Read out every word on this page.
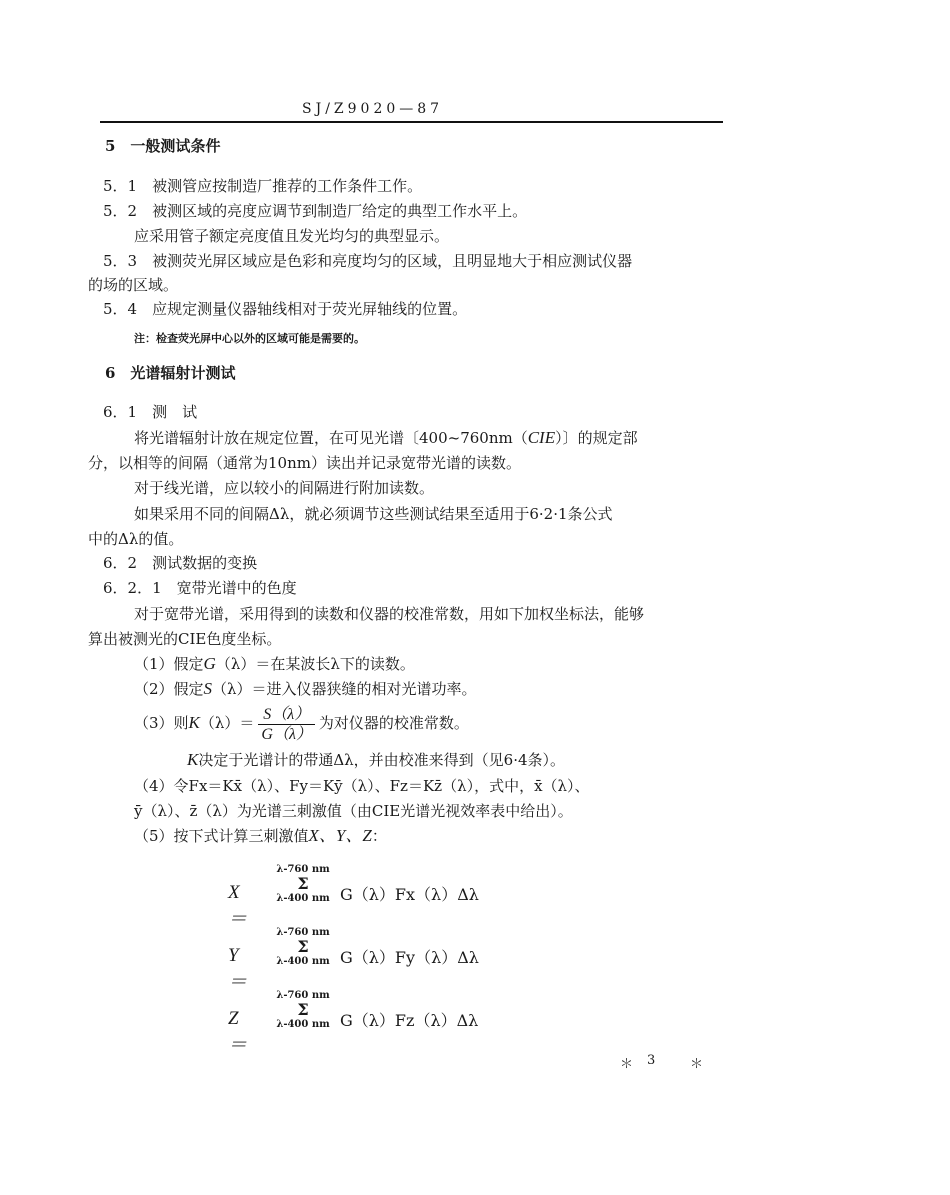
SJ/Z9020—87
5　一般测试条件
5．1　被测管应按制造厂推荐的工作条件工作。
5．2　被测区域的亮度应调节到制造厂给定的典型工作水平上。
应采用管子额定亮度值且发光均匀的典型显示。
5．3　被测荧光屏区域应是色彩和亮度均匀的区域，且明显地大于相应测试仪器
的场的区域。
5．4　应规定测量仪器轴线相对于荧光屏轴线的位置。
注：检查荧光屏中心以外的区域可能是需要的。
6　光谱辐射计测试
6．1　测　试
将光谱辐射计放在规定位置，在可见光谱〔400~760nm（CIE）〕的规定部
分，以相等的间隔（通常为10nm）读出并记录宽带光谱的读数。
对于线光谱，应以较小的间隔进行附加读数。
如果采用不同的间隔Δλ，就必须调节这些测试结果至适用于6·2·1条公式
中的Δλ的值。
6．2　测试数据的变换
6．2．1　宽带光谱中的色度
对于宽带光谱，采用得到的读数和仪器的校准常数，用如下加权坐标法，能够
算出被测光的CIE色度坐标。
（1）假定G（λ）＝在某波长λ下的读数。
（2）假定S（λ）＝进入仪器狭缝的相对光谱功率。
（3）则$K(\lambda)= \frac{S(\lambda)}{G(\lambda)}$ 为对仪器的校准常数。
K决定于光谱计的带通Δλ，并由校准来得到（见6·4条）。
（4）令Fx＝Kx̄（λ）、Fy＝Kȳ（λ）、Fz＝Kz̄（λ），式中，x̄（λ）、
ȳ（λ）、z̄（λ）为光谱三刺激值（由CIE光谱光视效率表中给出）。
（5）按下式计算三刺激值X、Y、Z：
X＝
λ-760 nm
Σ
λ-400 nm G（λ）Fx（λ）Δλ
Y＝
λ-760 nm
Σ
λ-400 nm G（λ）Fy（λ）Δλ
Z＝
λ-760 nm
Σ
λ-400 nm G（λ）Fz（λ）Δλ
＊ 3	＊
